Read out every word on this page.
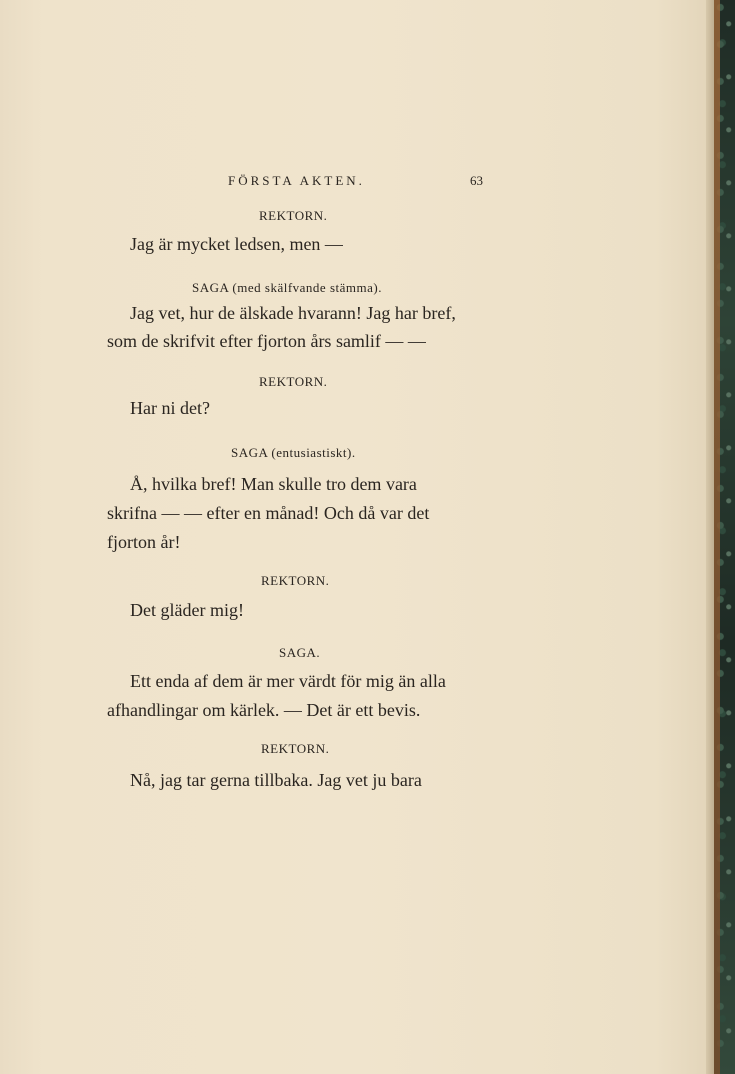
FÖRSTA AKTEN.	63
REKTORN.
Jag är mycket ledsen, men —
SAGA (med skälfvande stämma).
Jag vet, hur de älskade hvarann! Jag har bref,
som de skrifvit efter fjorton års samlif — —
REKTORN.
Har ni det?
SAGA (entusiastiskt).
Å, hvilka bref! Man skulle tro dem vara
skrifna — — efter en månad! Och då var det
fjorton år!
REKTORN.
Det gläder mig!
SAGA.
Ett enda af dem är mer värdt för mig än alla
afhandlingar om kärlek. — Det är ett bevis.
REKTORN.
Nå, jag tar gerna tillbaka. Jag vet ju bara
